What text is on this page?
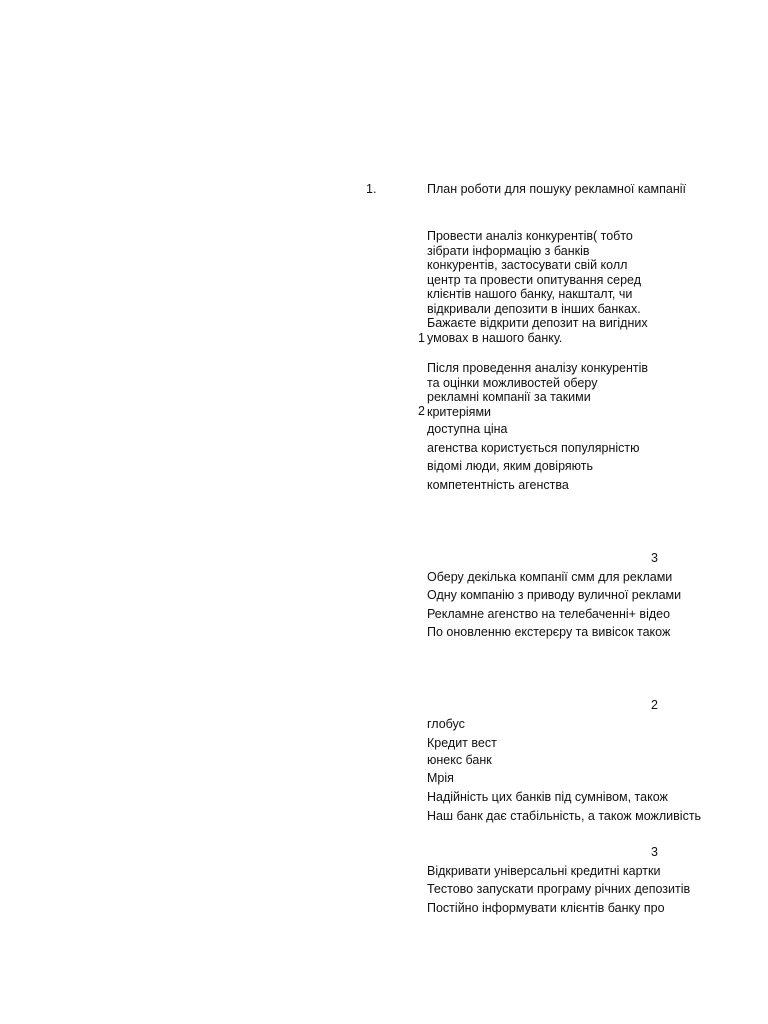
1.	План роботи для пошуку рекламної кампанії
Провести аналіз конкурентів( тобто
зібрати інформацію з банків
конкурентів, застосувати свій колл
центр та провести опитування серед
клієнтів нашого банку, накшталт, чи
відкривали депозити в інших банках.
Бажаєте відкрити депозит на вигідних
умовах в нашого банку.
1
Після проведення аналізу конкурентів
та оцінки можливостей оберу
рекламні компанії за такими
критеріями
2
доступна ціна
агенства користується популярністю
відомі люди, яким довіряють
компетентність агенства
3
Оберу декілька компанії смм для реклами
Одну компанію з приводу вуличної реклами
Рекламне агенство на телебаченні+ відео
По оновленню екстерєру та вивісок також
2
глобус
Кредит вест
юнекс банк
Мрія
Надійність цих банків під сумнівом, також
Наш банк дає стабільність, а також можливість
3
Відкривати універсальні кредитні картки
Тестово запускати програму річних депозитів
Постійно інформувати клієнтів банку про
